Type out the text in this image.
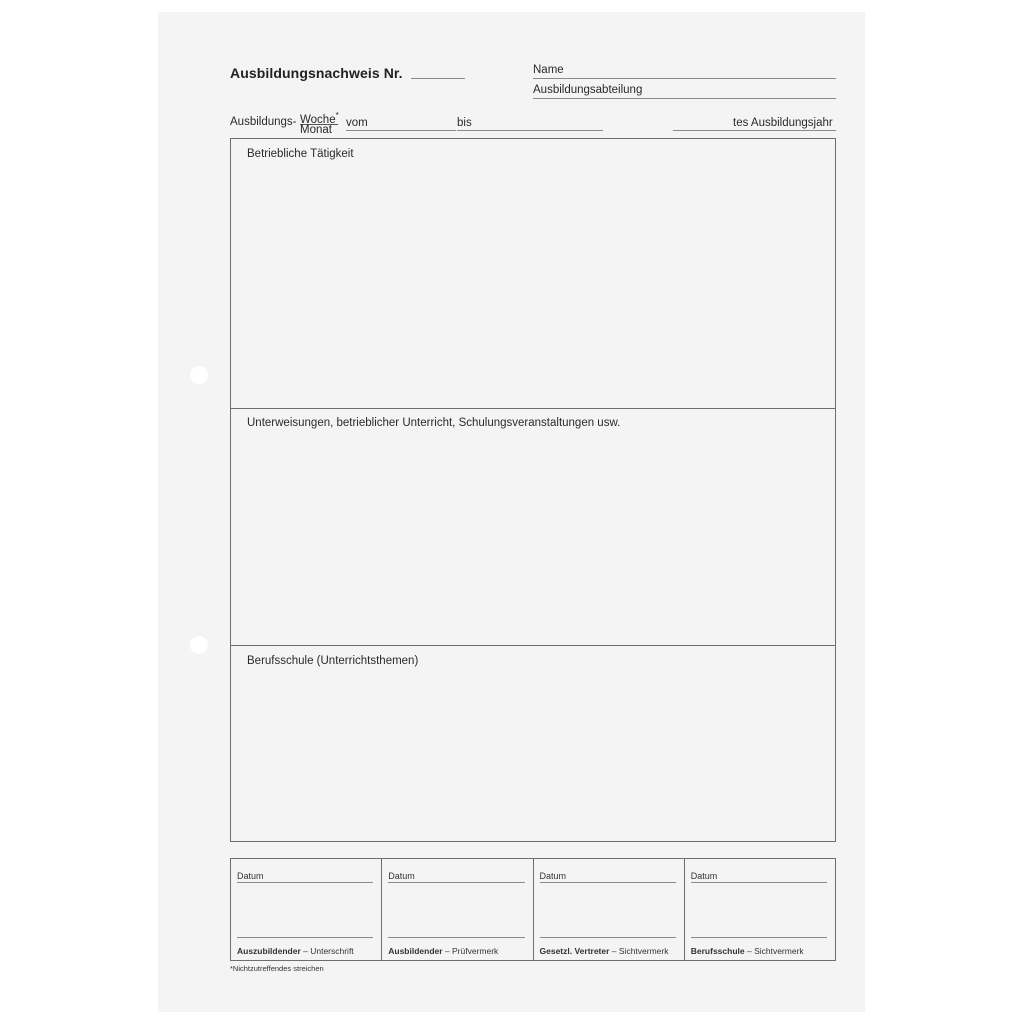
Ausbildungsnachweis Nr.	Name
Ausbildungsabteilung
Ausbildungs- Woche*
Monat
vom	bis	tes Ausbildungsjahr
Betriebliche Tätigkeit
Unterweisungen, betrieblicher Unterricht, Schulungsveranstaltungen usw.
Berufsschule (Unterrichtsthemen)
Datum
Auszubildender – Unterschrift
Datum
Ausbildender – Prüfvermerk
Datum
Gesetzl. Vertreter – Sichtvermerk
Datum
Berufsschule – Sichtvermerk
*Nichtzutreffendes streichen
